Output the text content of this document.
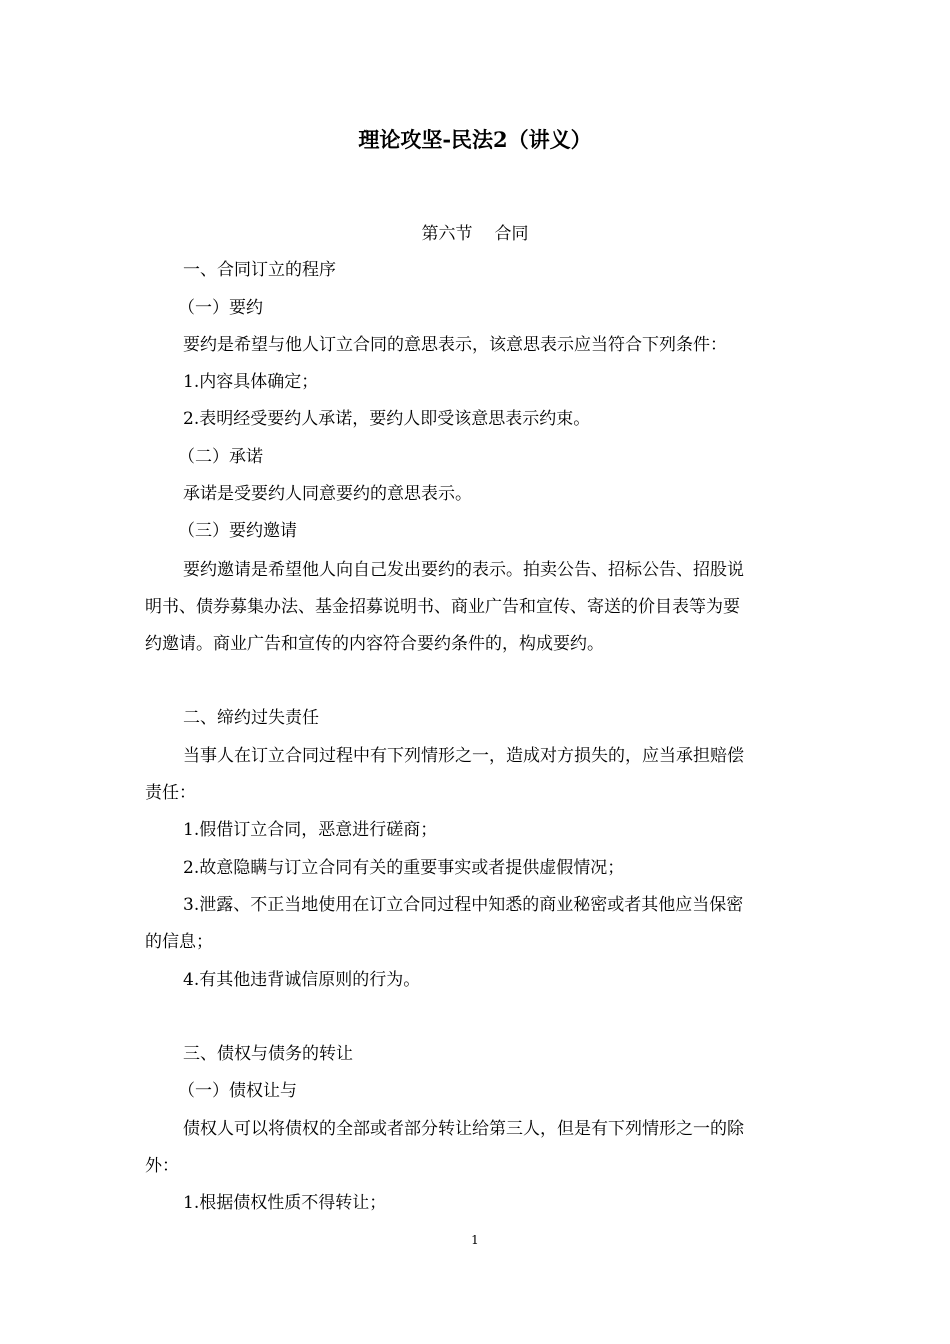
理论攻坚-民法2（讲义）
第六节 合同
一、合同订立的程序
（一）要约
要约是希望与他人订立合同的意思表示，该意思表示应当符合下列条件：
1.内容具体确定；
2.表明经受要约人承诺，要约人即受该意思表示约束。
（二）承诺
承诺是受要约人同意要约的意思表示。
（三）要约邀请
要约邀请是希望他人向自己发出要约的表示。拍卖公告、招标公告、招股说
明书、债券募集办法、基金招募说明书、商业广告和宣传、寄送的价目表等为要
约邀请。商业广告和宣传的内容符合要约条件的，构成要约。
二、缔约过失责任
当事人在订立合同过程中有下列情形之一，造成对方损失的，应当承担赔偿
责任：
1.假借订立合同，恶意进行磋商；
2.故意隐瞒与订立合同有关的重要事实或者提供虚假情况；
3.泄露、不正当地使用在订立合同过程中知悉的商业秘密或者其他应当保密
的信息；
4.有其他违背诚信原则的行为。
三、债权与债务的转让
（一）债权让与
债权人可以将债权的全部或者部分转让给第三人，但是有下列情形之一的除
外：
1.根据债权性质不得转让；
1
